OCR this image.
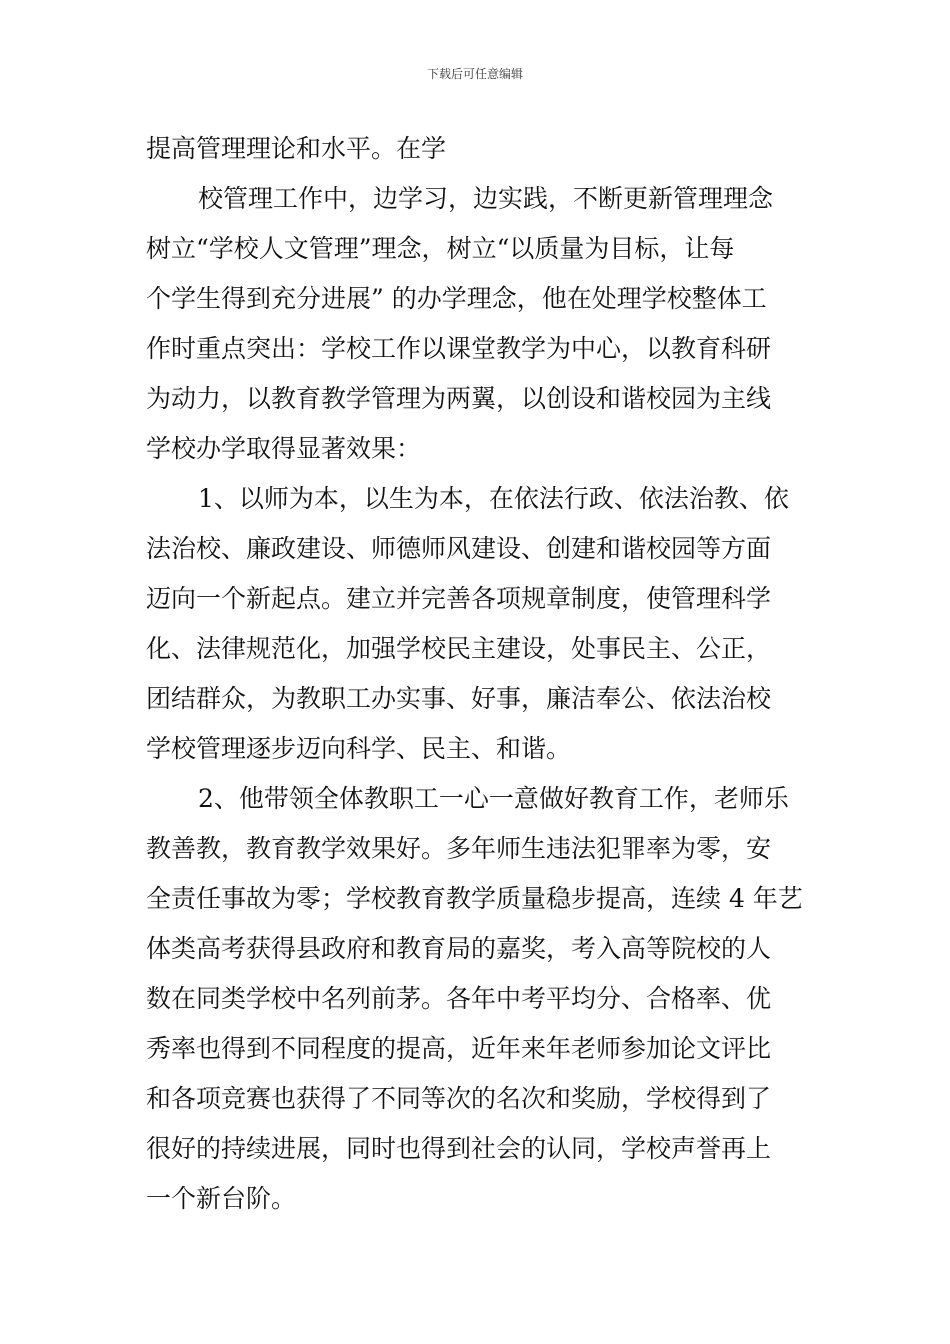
下载后可任意编辑
提高管理理论和水平。在学
校管理工作中，边学习，边实践，不断更新管理理念
树立“学校人文管理”理念，树立“以质量为目标，让每
个学生得到充分进展” 的办学理念，他在处理学校整体工
作时重点突出：学校工作以课堂教学为中心，以教育科研
为动力，以教育教学管理为两翼，以创设和谐校园为主线
学校办学取得显著效果：
1、以师为本，以生为本，在依法行政、依法治教、依
法治校、廉政建设、师德师风建设、创建和谐校园等方面
迈向一个新起点。建立并完善各项规章制度，使管理科学
化、法律规范化，加强学校民主建设，处事民主、公正，
团结群众，为教职工办实事、好事，廉洁奉公、依法治校
学校管理逐步迈向科学、民主、和谐。
2、他带领全体教职工一心一意做好教育工作，老师乐
教善教，教育教学效果好。多年师生违法犯罪率为零，安
全责任事故为零；学校教育教学质量稳步提高，连续 4 年艺
体类高考获得县政府和教育局的嘉奖，考入高等院校的人
数在同类学校中名列前茅。各年中考平均分、合格率、优
秀率也得到不同程度的提高，近年来年老师参加论文评比
和各项竞赛也获得了不同等次的名次和奖励，学校得到了
很好的持续进展，同时也得到社会的认同，学校声誉再上
一个新台阶。
